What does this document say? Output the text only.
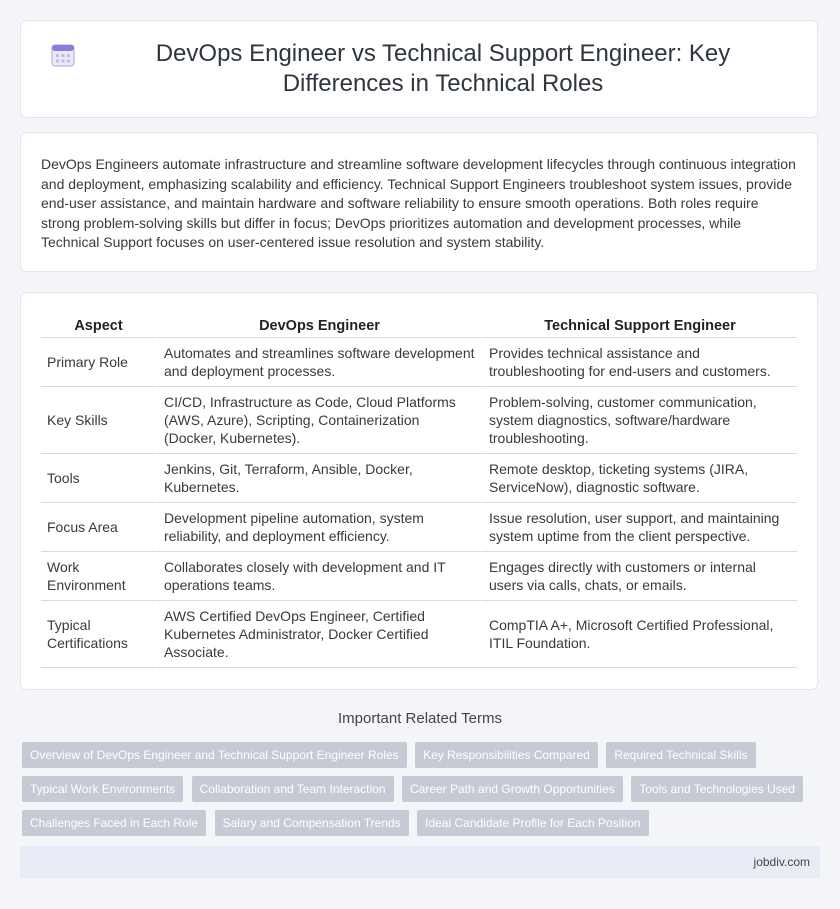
DevOps Engineer vs Technical Support Engineer: Key Differences in Technical Roles

DevOps Engineers automate infrastructure and streamline software development lifecycles through continuous integration and deployment, emphasizing scalability and efficiency. Technical Support Engineers troubleshoot system issues, provide end-user assistance, and maintain hardware and software reliability to ensure smooth operations. Both roles require strong problem-solving skills but differ in focus; DevOps prioritizes automation and development processes, while Technical Support focuses on user-centered issue resolution and system stability.

Aspect	DevOps Engineer	Technical Support Engineer
Primary Role	Automates and streamlines software development and deployment processes.	Provides technical assistance and troubleshooting for end-users and customers.
Key Skills	CI/CD, Infrastructure as Code, Cloud Platforms (AWS, Azure), Scripting, Containerization (Docker, Kubernetes).	Problem-solving, customer communication, system diagnostics, software/hardware troubleshooting.
Tools	Jenkins, Git, Terraform, Ansible, Docker, Kubernetes.	Remote desktop, ticketing systems (JIRA, ServiceNow), diagnostic software.
Focus Area	Development pipeline automation, system reliability, and deployment efficiency.	Issue resolution, user support, and maintaining system uptime from the client perspective.
Work Environment	Collaborates closely with development and IT operations teams.	Engages directly with customers or internal users via calls, chats, or emails.
Typical Certifications	AWS Certified DevOps Engineer, Certified Kubernetes Administrator, Docker Certified Associate.	CompTIA A+, Microsoft Certified Professional, ITIL Foundation.
Important Related Terms
Overview of DevOps Engineer and Technical Support Engineer Roles Key Responsibilities Compared Required Technical Skills Typical Work Environments Collaboration and Team Interaction Career Path and Growth Opportunities Tools and Technologies Used Challenges Faced in Each Role Salary and Compensation Trends Ideal Candidate Profile for Each Position
jobdiv.com
